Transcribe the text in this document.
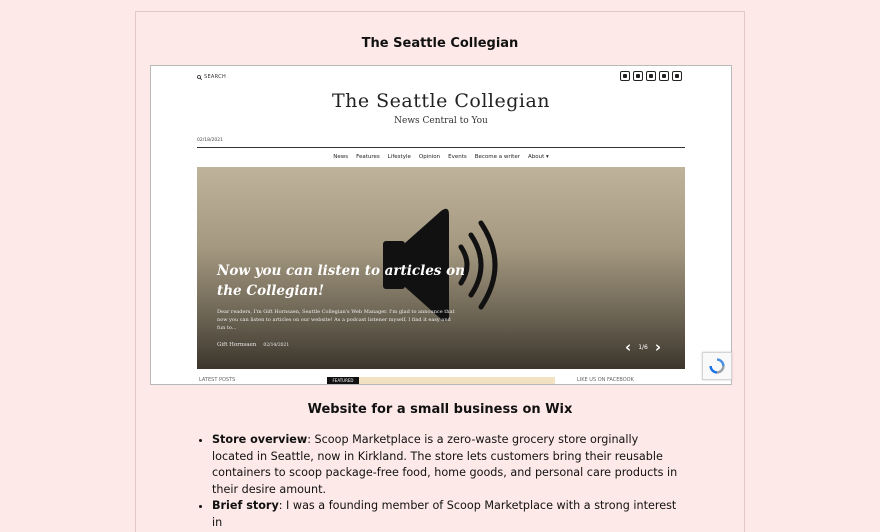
The Seattle Collegian
SEARCH
The Seattle Collegian
News Central to You
02/18/2021
News Features Lifestyle Opinion Events Become a writer About ▾
Now you can listen to articles on the Collegian!
Dear readers, I'm Gift Hornsaen, Seattle Collegian's Web Manager. I'm glad to announce that now you can listen to articles on our website! As a podcast listener myself, I find it easy and fun to...
Gift Hornsaen 02/14/2021	‹ 1/6 ›
LATEST POSTS	FEATURED	LIKE US ON FACEBOOK
Website for a small business on Wix
• Store overview: Scoop Marketplace is a zero-waste grocery store orginally located in Seattle, now in Kirkland. The store lets customers bring their reusable containers to scoop package-free food, home goods, and personal care products in their desire amount.
• Brief story: I was a founding member of Scoop Marketplace with a strong interest in
